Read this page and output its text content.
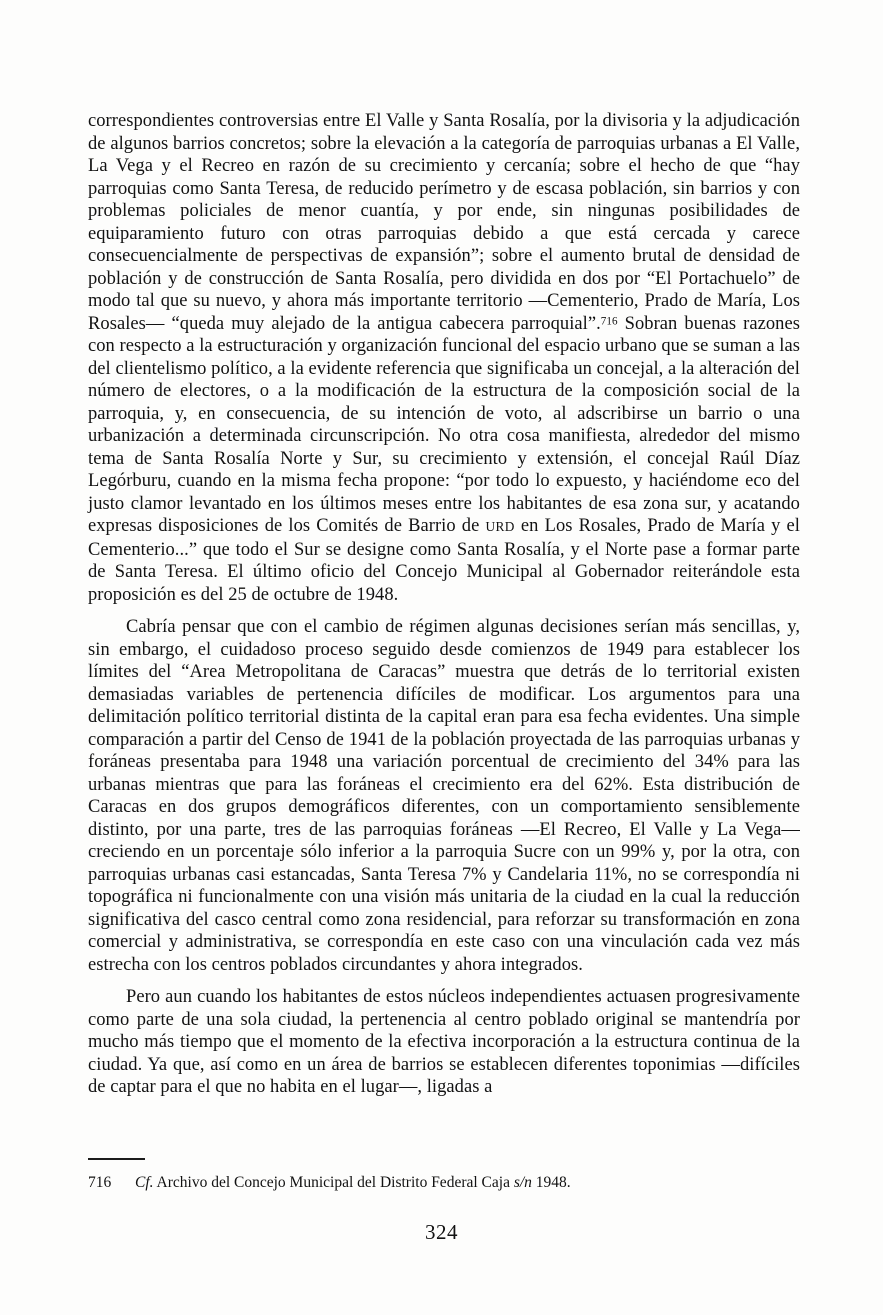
correspondientes controversias entre El Valle y Santa Rosalía, por la divisoria y la adjudicación de algunos barrios concretos; sobre la elevación a la categoría de parroquias urbanas a El Valle, La Vega y el Recreo en razón de su crecimiento y cercanía; sobre el hecho de que “hay parroquias como Santa Teresa, de reducido perímetro y de escasa población, sin barrios y con problemas policiales de menor cuantía, y por ende, sin ningunas posibilidades de equiparamiento futuro con otras parroquias debido a que está cercada y carece consecuencialmente de perspectivas de expansión”; sobre el aumento brutal de densidad de población y de construcción de Santa Rosalía, pero dividida en dos por “El Portachuelo” de modo tal que su nuevo, y ahora más importante territorio —Cementerio, Prado de María, Los Rosales— “queda muy alejado de la antigua cabecera parroquial”.$^{716}$ Sobran buenas razones con respecto a la estructuración y organización funcional del espacio urbano que se suman a las del clientelismo político, a la evidente referencia que significaba un concejal, a la alteración del número de electores, o a la modificación de la estructura de la composición social de la parroquia, y, en consecuencia, de su intención de voto, al adscribirse un barrio o una urbanización a determinada circunscripción. No otra cosa manifiesta, alrededor del mismo tema de Santa Rosalía Norte y Sur, su crecimiento y extensión, el concejal Raúl Díaz Legórburu, cuando en la misma fecha propone: “por todo lo expuesto, y haciéndome eco del justo clamor levantado en los últimos meses entre los habitantes de esa zona sur, y acatando expresas disposiciones de los Comités de Barrio de URD en Los Rosales, Prado de María y el Cementerio...” que todo el Sur se designe como Santa Rosalía, y el Norte pase a formar parte de Santa Teresa. El último oficio del Concejo Municipal al Gobernador reiterándole esta proposición es del 25 de octubre de 1948.

Cabría pensar que con el cambio de régimen algunas decisiones serían más sencillas, y, sin embargo, el cuidadoso proceso seguido desde comienzos de 1949 para establecer los límites del “Area Metropolitana de Caracas” muestra que detrás de lo territorial existen demasiadas variables de pertenencia difíciles de modificar. Los argumentos para una delimitación político territorial distinta de la capital eran para esa fecha evidentes. Una simple comparación a partir del Censo de 1941 de la población proyectada de las parroquias urbanas y foráneas presentaba para 1948 una variación porcentual de crecimiento del 34% para las urbanas mientras que para las foráneas el crecimiento era del 62%. Esta distribución de Caracas en dos grupos demográficos diferentes, con un comportamiento sensiblemente distinto, por una parte, tres de las parroquias foráneas —El Recreo, El Valle y La Vega— creciendo en un porcentaje sólo inferior a la parroquia Sucre con un 99% y, por la otra, con parroquias urbanas casi estancadas, Santa Teresa 7% y Candelaria 11%, no se correspondía ni topográfica ni funcionalmente con una visión más unitaria de la ciudad en la cual la reducción significativa del casco central como zona residencial, para reforzar su transformación en zona comercial y administrativa, se correspondía en este caso con una vinculación cada vez más estrecha con los centros poblados circundantes y ahora integrados.

Pero aun cuando los habitantes de estos núcleos independientes actuasen progresivamente como parte de una sola ciudad, la pertenencia al centro poblado original se mantendría por mucho más tiempo que el momento de la efectiva incorporación a la estructura continua de la ciudad. Ya que, así como en un área de barrios se establecen diferentes toponimias —difíciles de captar para el que no habita en el lugar—, ligadas a

716	Cf. Archivo del Concejo Municipal del Distrito Federal Caja s/n 1948.
324
